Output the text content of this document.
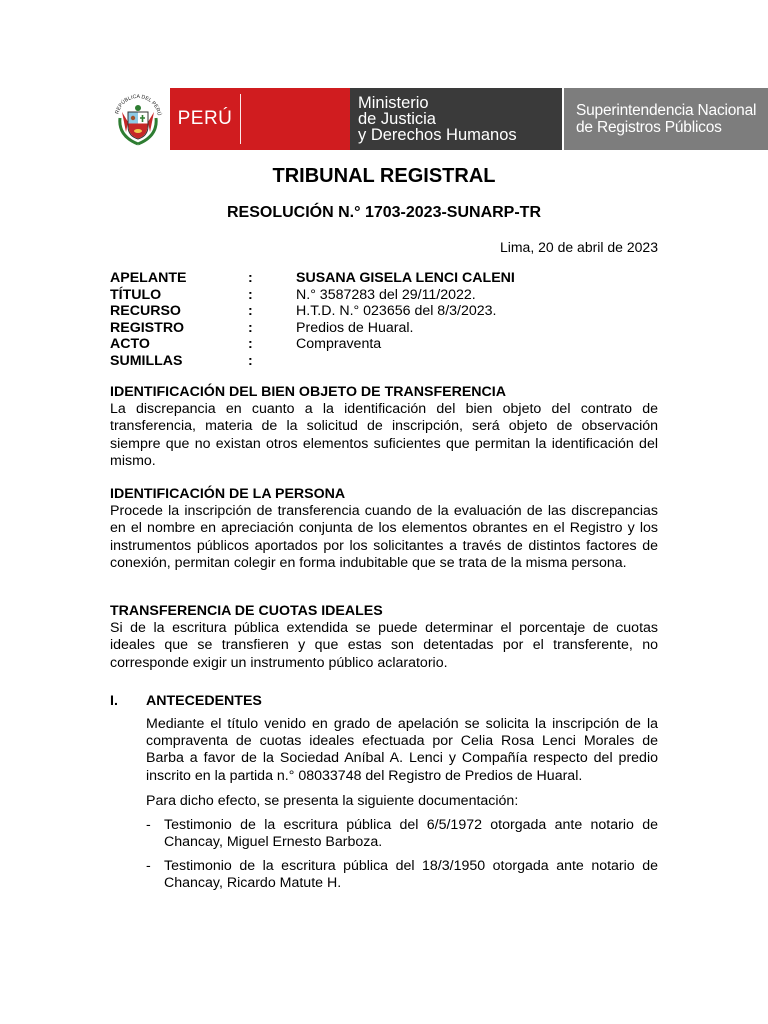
REPÚBLICA DEL PERÚ PERÚ
Ministerio
de Justicia
y Derechos Humanos
Superintendencia Nacional
de Registros Públicos
TRIBUNAL REGISTRAL
RESOLUCIÓN N.° 1703-2023-SUNARP-TR
Lima, 20 de abril de 2023
APELANTE	:	SUSANA GISELA LENCI CALENI
TÍTULO	:	N.° 3587283 del 29/11/2022.
RECURSO	:	H.T.D. N.° 023656 del 8/3/2023.
REGISTRO	:	Predios de Huaral.
ACTO	:	Compraventa
SUMILLAS	:

IDENTIFICACIÓN DEL BIEN OBJETO DE TRANSFERENCIA

La discrepancia en cuanto a la identificación del bien objeto del contrato de transferencia, materia de la solicitud de inscripción, será objeto de observación siempre que no existan otros elementos suficientes que permitan la identificación del mismo.

IDENTIFICACIÓN DE LA PERSONA

Procede la inscripción de transferencia cuando de la evaluación de las discrepancias en el nombre en apreciación conjunta de los elementos obrantes en el Registro y los instrumentos públicos aportados por los solicitantes a través de distintos factores de conexión, permitan colegir en forma indubitable que se trata de la misma persona.

TRANSFERENCIA DE CUOTAS IDEALES

Si de la escritura pública extendida se puede determinar el porcentaje de cuotas ideales que se transfieren y que estas son detentadas por el transferente, no corresponde exigir un instrumento público aclaratorio.

I. ANTECEDENTES

Mediante el título venido en grado de apelación se solicita la inscripción de la compraventa de cuotas ideales efectuada por Celia Rosa Lenci Morales de Barba a favor de la Sociedad Aníbal A. Lenci y Compañía respecto del predio inscrito en la partida n.° 08033748 del Registro de Predios de Huaral.

Para dicho efecto, se presenta la siguiente documentación:

- Testimonio de la escritura pública del 6/5/1972 otorgada ante notario de Chancay, Miguel Ernesto Barboza.
- Testimonio de la escritura pública del 18/3/1950 otorgada ante notario de Chancay, Ricardo Matute H.
